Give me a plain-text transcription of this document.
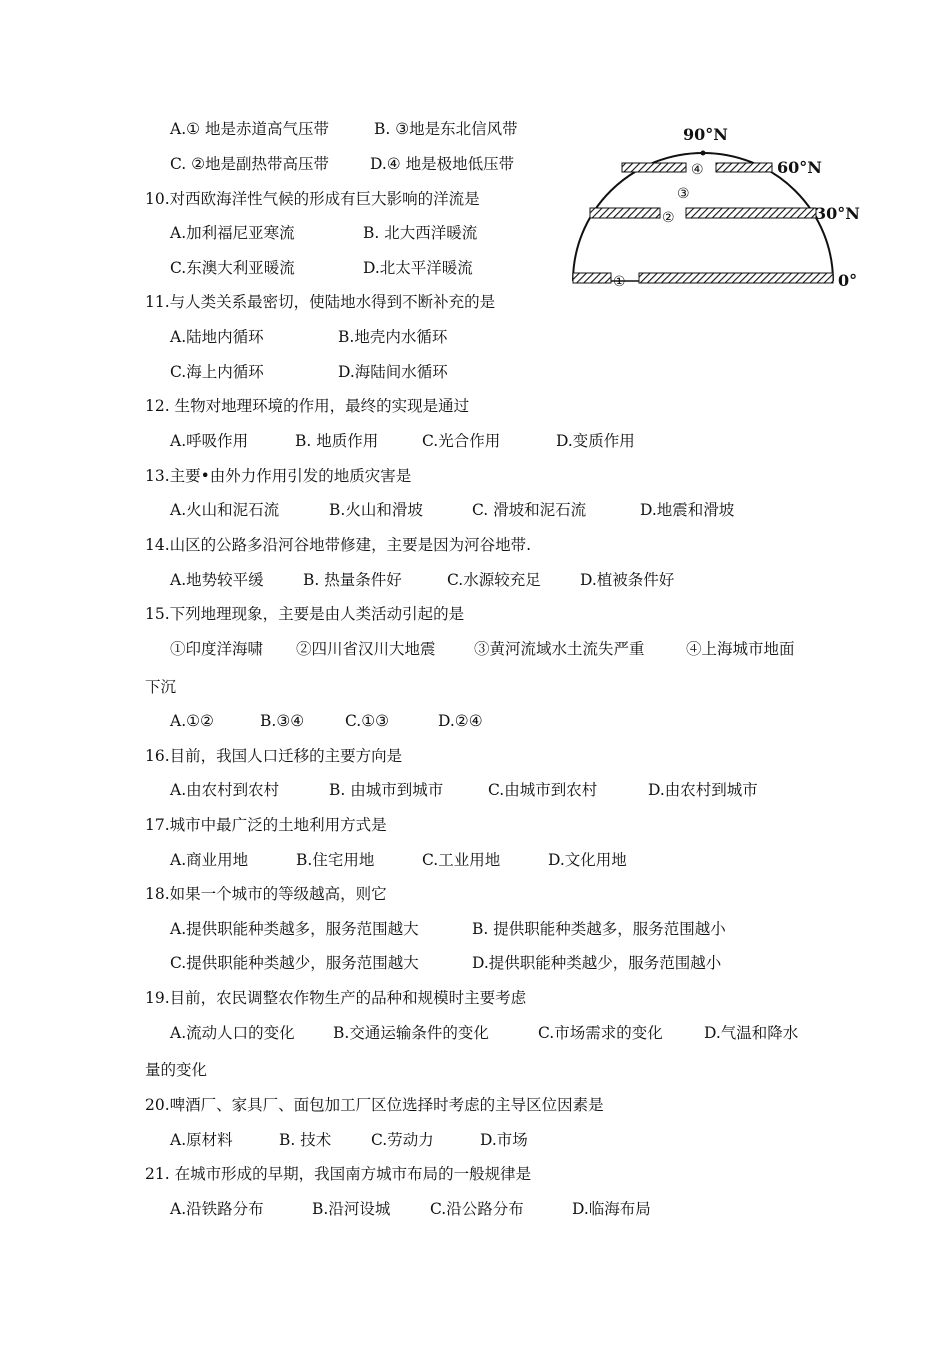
A.① 地是赤道高气压带	B. ③地是东北信风带
C. ②地是副热带高压带	D.④ 地是极地低压带
①
②
③
④
90°N
60°N
30°N
0°
10.对西欧海洋性气候的形成有巨大影响的洋流是
A.加利福尼亚寒流	B. 北大西洋暖流
C.东澳大利亚暖流	D.北太平洋暖流
11.与人类关系最密切，使陆地水得到不断补充的是
A.陆地内循环	B.地壳内水循环
C.海上内循环	D.海陆间水循环
12. 生物对地理环境的作用，最终的实现是通过
A.呼吸作用	B. 地质作用	C.光合作用	D.变质作用
13.主要•由外力作用引发的地质灾害是
A.火山和泥石流	B.火山和滑坡	C. 滑坡和泥石流	D.地震和滑坡
14.山区的公路多沿河谷地带修建，主要是因为河谷地带.
A.地势较平缓	B. 热量条件好	C.水源较充足	D.植被条件好
15.下列地理现象，主要是由人类活动引起的是
①印度洋海啸 ②四川省汉川大地震 ③黄河流域水土流失严重	④上海城市地面
下沉
A.①②	B.③④	C.①③	D.②④
16.目前，我国人口迁移的主要方向是
A.由农村到农村	B. 由城市到城市	C.由城市到农村	D.由农村到城市
17.城市中最广泛的土地利用方式是
A.商业用地	B.住宅用地	C.工业用地	D.文化用地
18.如果一个城市的等级越高，则它
A.提供职能种类越多，服务范围越大	B. 提供职能种类越多，服务范围越小
C.提供职能种类越少，服务范围越大	D.提供职能种类越少，服务范围越小
19.目前，农民调整农作物生产的品种和规模时主要考虑
A.流动人口的变化 B.交通运输条件的变化	C.市场需求的变化	D.气温和降水
量的变化
20.啤酒厂、家具厂、面包加工厂区位选择时考虑的主导区位因素是
A.原材料	B. 技术	C.劳动力	D.市场
21. 在城市形成的早期，我国南方城市布局的一般规律是
A.沿铁路分布	B.沿河设城	C.沿公路分布	D.临海布局
